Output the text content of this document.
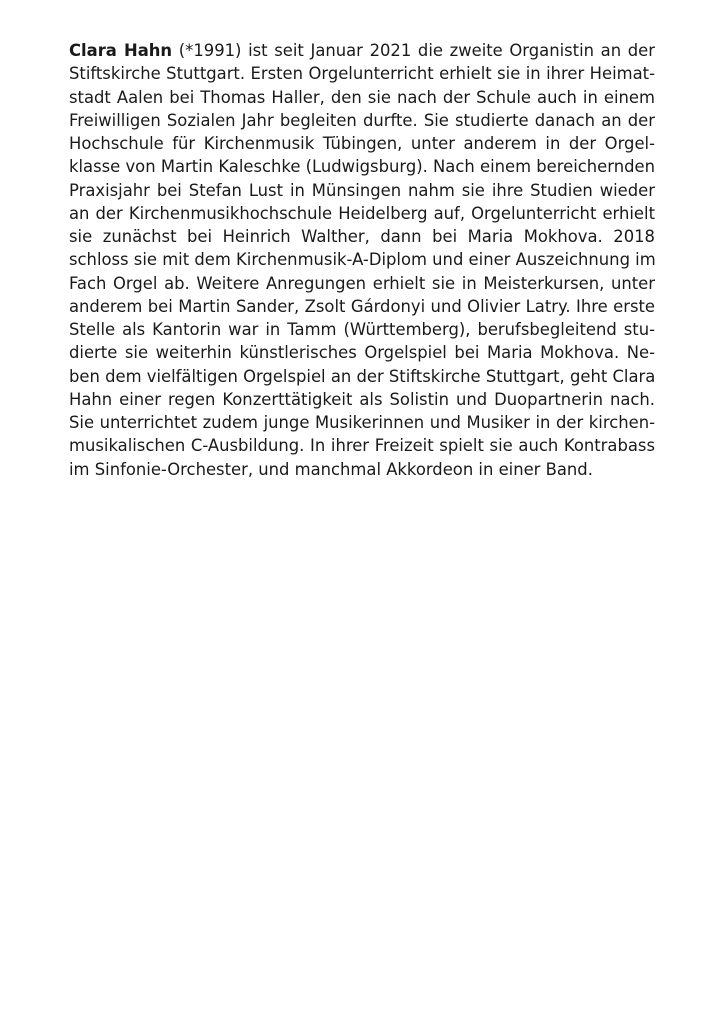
Clara Hahn (*1991) ist seit Januar 2021 die zweite Organistin an der
Stiftskirche Stuttgart. Ersten Orgelunterricht erhielt sie in ihrer Heimat-
stadt Aalen bei Thomas Haller, den sie nach der Schule auch in einem
Freiwilligen Sozialen Jahr begleiten durfte. Sie studierte danach an der
Hochschule für Kirchenmusik Tübingen, unter anderem in der Orgel-
klasse von Martin Kaleschke (Ludwigsburg). Nach einem bereichernden
Praxisjahr bei Stefan Lust in Münsingen nahm sie ihre Studien wieder
an der Kirchenmusikhochschule Heidelberg auf, Orgelunterricht erhielt
sie zunächst bei Heinrich Walther, dann bei Maria Mokhova. 2018
schloss sie mit dem Kirchenmusik-A-Diplom und einer Auszeichnung im
Fach Orgel ab. Weitere Anregungen erhielt sie in Meisterkursen, unter
anderem bei Martin Sander, Zsolt Gárdonyi und Olivier Latry. Ihre erste
Stelle als Kantorin war in Tamm (Württemberg), berufsbegleitend stu-
dierte sie weiterhin künstlerisches Orgelspiel bei Maria Mokhova. Ne-
ben dem vielfältigen Orgelspiel an der Stiftskirche Stuttgart, geht Clara
Hahn einer regen Konzerttätigkeit als Solistin und Duopartnerin nach.
Sie unterrichtet zudem junge Musikerinnen und Musiker in der kirchen-
musikalischen C-Ausbildung. In ihrer Freizeit spielt sie auch Kontrabass
im Sinfonie-Orchester, und manchmal Akkordeon in einer Band.
